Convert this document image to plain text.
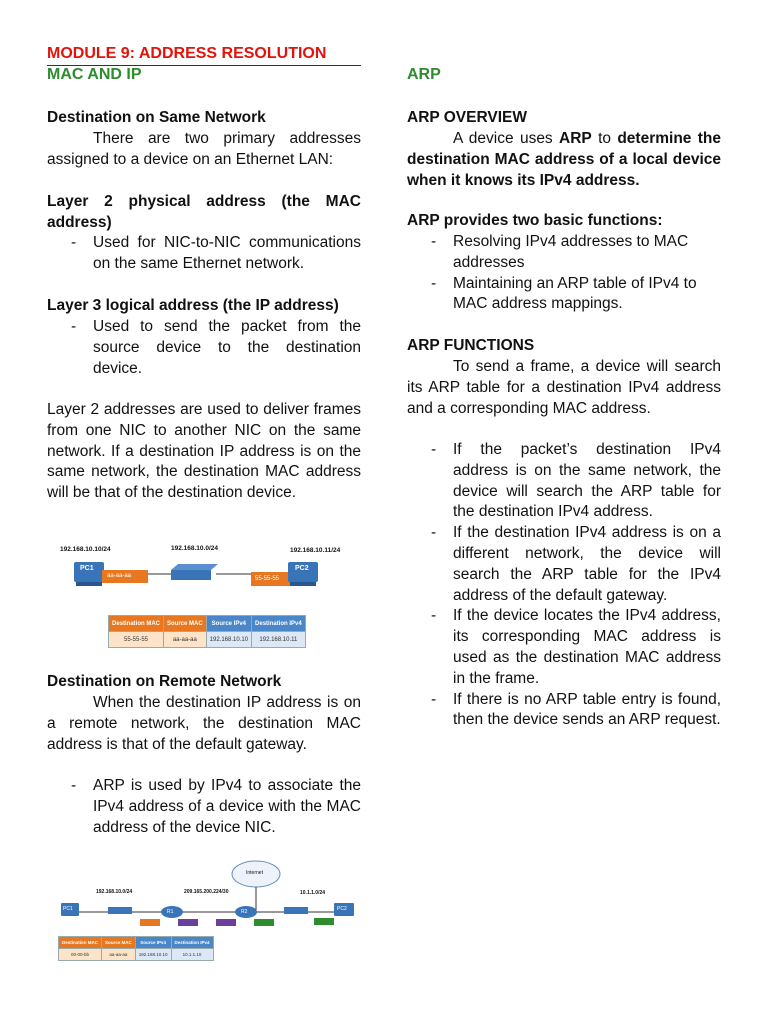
MODULE 9: ADDRESS RESOLUTION
MAC AND IP
Destination on Same Network

There are two primary addresses assigned to a device on an Ethernet LAN:

Layer 2 physical address (the MAC address)

- Used for NIC-to-NIC communications on the same Ethernet network.

Layer 3 logical address (the IP address)

- Used to send the packet from the source device to the destination device.

Layer 2 addresses are used to deliver frames from one NIC to another NIC on the same network. If a destination IP address is on the same network, the destination MAC address will be that of the destination device.

192.168.10.10/24	192.168.10.0/24	192.168.10.11/24
PC1	PC2
aa-aa-aa	55-55-55
Destination MAC	Source MAC	Source IPv4	Destination IPv4
55-55-55	aa-aa-aa	192.168.10.10	192.168.10.11
Destination on Remote Network

When the destination IP address is on a remote network, the destination MAC address is that of the default gateway.

- ARP is used by IPv4 to associate the IPv4 address of a device with the MAC address of the device NIC.
192.168.10.0/24	209.165.200.224/30	10.1.1.0/24
Internet
R1	R2
PC1	PC2
Destination MAC	Source MAC	Source IPv4	Destination IPv4
00-00-bb	aa-aa-aa	192.168.10.10	10.1.1.10
ARP
ARP OVERVIEW

A device uses ARP to determine the destination MAC address of a local device when it knows its IPv4 address.

ARP provides two basic functions:
- Resolving IPv4 addresses to MAC addresses
- Maintaining an ARP table of IPv4 to MAC address mappings.
ARP FUNCTIONS

To send a frame, a device will search its ARP table for a destination IPv4 address and a corresponding MAC address.

- If the packet’s destination IPv4 address is on the same network, the device will search the ARP table for the destination IPv4 address.
- If the destination IPv4 address is on a different network, the device will search the ARP table for the IPv4 address of the default gateway.
- If the device locates the IPv4 address, its corresponding MAC address is used as the destination MAC address in the frame.
- If there is no ARP table entry is found, then the device sends an ARP request.
